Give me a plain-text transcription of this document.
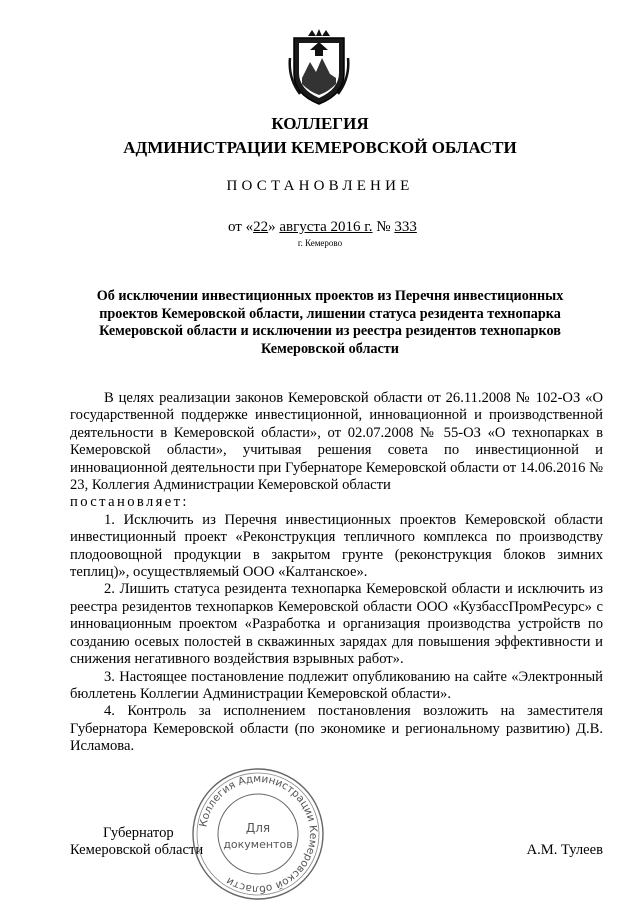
КОЛЛЕГИЯ
АДМИНИСТРАЦИИ КЕМЕРОВСКОЙ ОБЛАСТИ
ПОСТАНОВЛЕНИЕ
от «22» августа 2016 г. № 333
г. Кемерово
Об исключении инвестиционных проектов из Перечня инвестиционных проектов Кемеровской области, лишении статуса резидента технопарка Кемеровской области и исключении из реестра резидентов технопарков Кемеровской области

В целях реализации законов Кемеровской области от 26.11.2008 № 102-ОЗ «О государственной поддержке инвестиционной, инновационной и производственной деятельности в Кемеровской области», от 02.07.2008 № 55-ОЗ «О технопарках в Кемеровской области», учитывая решения совета по инвестиционной и инновационной деятельности при Губернаторе Кемеровской области от 14.06.2016 № 23, Коллегия Администрации Кемеровской области

постановляет:

1. Исключить из Перечня инвестиционных проектов Кемеровской области инвестиционный проект «Реконструкция тепличного комплекса по производству плодоовощной продукции в закрытом грунте (реконструкция блоков зимних теплиц)», осуществляемый ООО «Калтанское».

2. Лишить статуса резидента технопарка Кемеровской области и исключить из реестра резидентов технопарков Кемеровской области ООО «КузбассПромРесурс» с инновационным проектом «Разработка и организация производства устройств по созданию осевых полостей в скважинных зарядах для повышения эффективности и снижения негативного воздействия взрывных работ».

3. Настоящее постановление подлежит опубликованию на сайте «Электронный бюллетень Коллегии Администрации Кемеровской области».

4. Контроль за исполнением постановления возложить на заместителя Губернатора Кемеровской области (по экономике и региональному развитию) Д.В. Исламова.

Губернатор
Кемеровской области	А.М. Тулеев
Коллегия Администрации Кемеровской области
Для
документов
